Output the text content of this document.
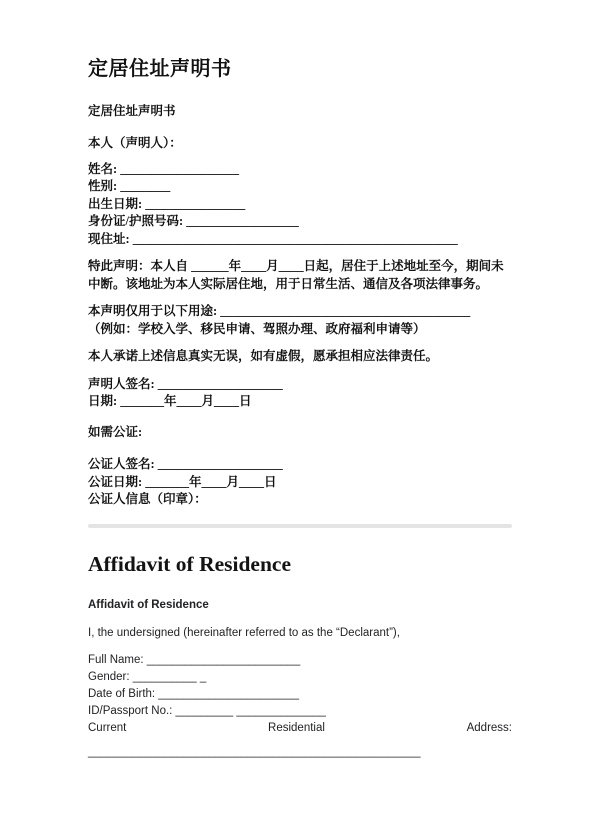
定居住址声明书

定居住址声明书

本人（声明人）：

姓名: ___________________

性别: ________

出生日期: ________________

身份证/护照号码: __________________

现住址: ____________________________________________________

特此声明：本人自 ______年____月____日起，居住于上述地址至今，期间未中断。该地址为本人实际居住地，用于日常生活、通信及各项法律事务。

本声明仅用于以下用途: ________________________________________

（例如：学校入学、移民申请、驾照办理、政府福利申请等）

本人承诺上述信息真实无误，如有虚假，愿承担相应法律责任。

声明人签名: ____________________

日期: _______年____月____日

如需公证:

公证人签名: ____________________

公证日期: _______年____月____日

公证人信息（印章）：

Affidavit of Residence

Affidavit of Residence

I, the undersigned (hereinafter referred to as the “Declarant”),

Full Name: ________________________

Gender: __________ _

Date of Birth: ______________________

ID/Passport No.: _________ ______________

Current	Residential	Address:

____________________________________________________
